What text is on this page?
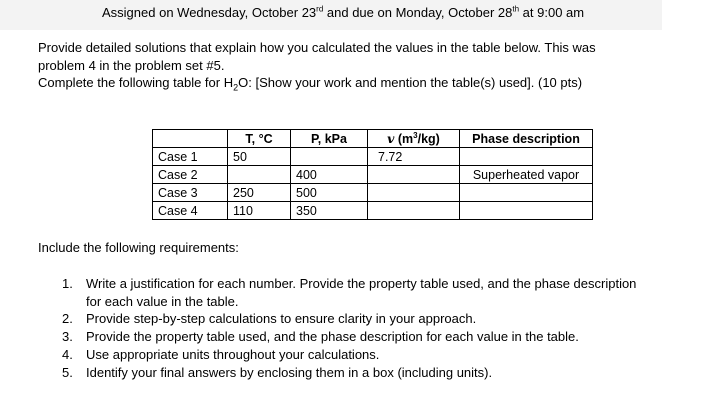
Assigned on Wednesday, October 23rd and due on Monday, October 28th at 9:00 am

Provide detailed solutions that explain how you calculated the values in the table below. This was

problem 4 in the problem set #5.

Complete the following table for $H_2O$: [Show your work and mention the table(s) used]. (10 pts)

	T, °C	P, kPa	v $(m^3/kg)$	Phase description
Case 1	50		7.72	
Case 2		400		Superheated vapor
Case 3	250	500		
Case 4	110	350		
Include the following requirements:
1. Write a justification for each number. Provide the property table used, and the phase description for each value in the table.
2. Provide step-by-step calculations to ensure clarity in your approach.
3. Provide the property table used, and the phase description for each value in the table.
4. Use appropriate units throughout your calculations.
5. Identify your final answers by enclosing them in a box (including units).
